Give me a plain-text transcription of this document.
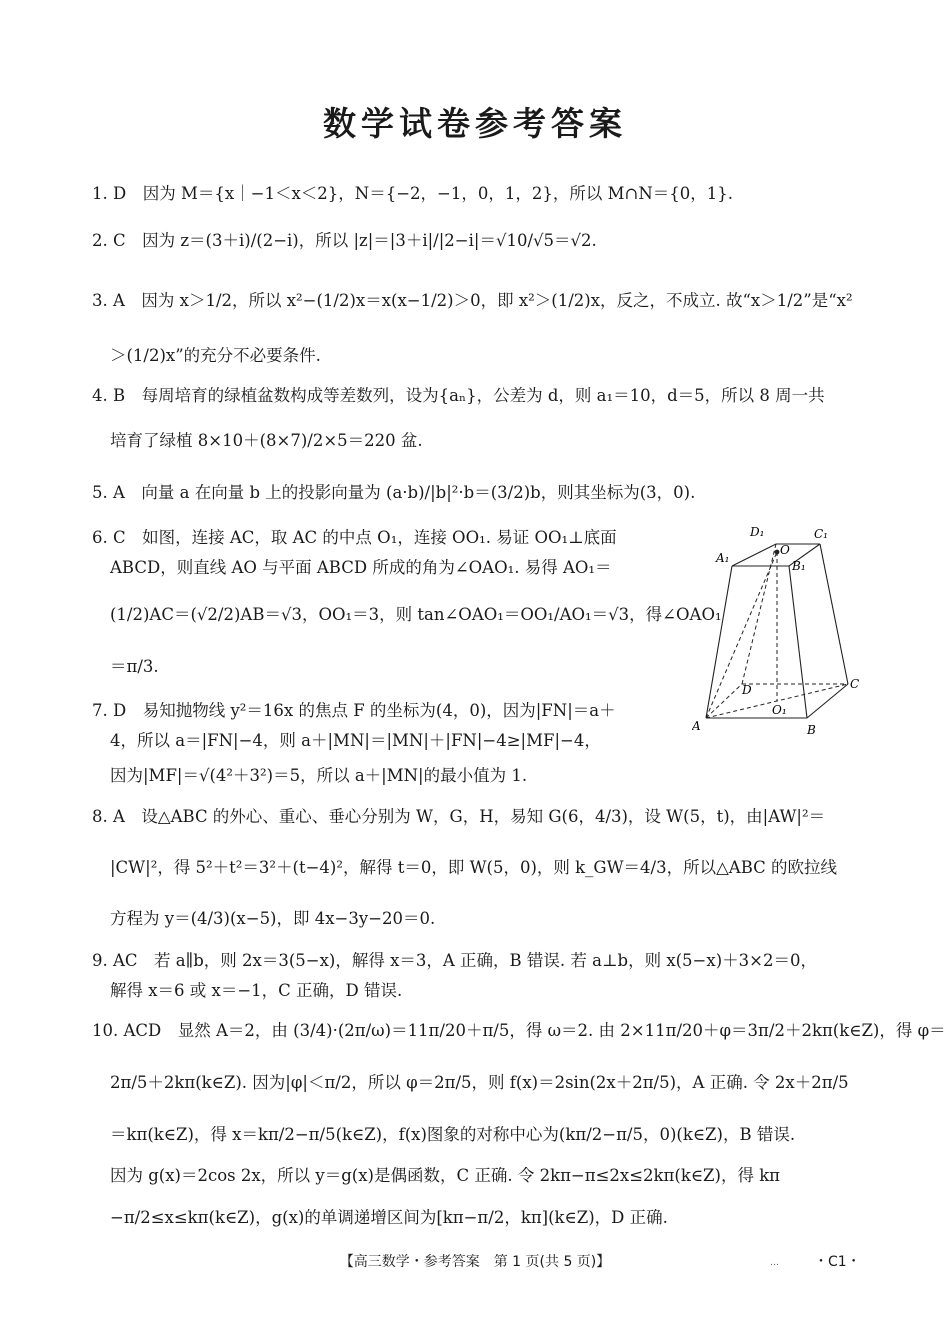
数学试卷参考答案
1. D　因为 M＝{x｜−1＜x＜2}，N＝{−2，−1，0，1，2}，所以 M∩N＝{0，1}.
2. C　因为 z＝(3＋i)/(2−i)，所以 |z|＝|3＋i|/|2−i|＝√10/√5＝√2.
3. A　因为 x＞1/2，所以 x²−(1/2)x＝x(x−1/2)＞0，即 x²＞(1/2)x，反之，不成立. 故“x＞1/2”是“x²
＞(1/2)x”的充分不必要条件.
4. B　每周培育的绿植盆数构成等差数列，设为{aₙ}，公差为 d，则 a₁＝10，d＝5，所以 8 周一共
培育了绿植 8×10＋(8×7)/2×5＝220 盆.
5. A　向量 a 在向量 b 上的投影向量为 (a·b)/|b|²·b＝(3/2)b，则其坐标为(3，0).
6. C　如图，连接 AC，取 AC 的中点 O₁，连接 OO₁. 易证 OO₁⊥底面
ABCD，则直线 AO 与平面 ABCD 所成的角为∠OAO₁. 易得 AO₁＝
(1/2)AC＝(√2/2)AB＝√3，OO₁＝3，则 tan∠OAO₁＝OO₁/AO₁＝√3，得∠OAO₁
＝π/3.
7. D　易知抛物线 y²＝16x 的焦点 F 的坐标为(4，0)，因为|FN|＝a＋
4，所以 a＝|FN|−4，则 a＋|MN|＝|MN|＋|FN|−4≥|MF|−4，
因为|MF|＝√(4²＋3²)＝5，所以 a＋|MN|的最小值为 1.
8. A　设△ABC 的外心、重心、垂心分别为 W，G，H，易知 G(6，4/3)，设 W(5，t)，由|AW|²＝
|CW|²，得 5²＋t²＝3²＋(t−4)²，解得 t＝0，即 W(5，0)，则 k_GW＝4/3，所以△ABC 的欧拉线
方程为 y＝(4/3)(x−5)，即 4x−3y−20＝0.
9. AC　若 a∥b，则 2x＝3(5−x)，解得 x＝3，A 正确，B 错误. 若 a⊥b，则 x(5−x)＋3×2＝0，
解得 x＝6 或 x＝−1，C 正确，D 错误.
10. ACD　显然 A＝2，由 (3/4)·(2π/ω)＝11π/20＋π/5，得 ω＝2. 由 2×11π/20＋φ＝3π/2＋2kπ(k∈Z)，得 φ＝
2π/5＋2kπ(k∈Z). 因为|φ|＜π/2，所以 φ＝2π/5，则 f(x)＝2sin(2x＋2π/5)，A 正确. 令 2x＋2π/5
＝kπ(k∈Z)，得 x＝kπ/2−π/5(k∈Z)，f(x)图象的对称中心为(kπ/2−π/5，0)(k∈Z)，B 错误.
因为 g(x)＝2cos 2x，所以 y＝g(x)是偶函数，C 正确. 令 2kπ−π≤2x≤2kπ(k∈Z)，得 kπ
−π/2≤x≤kπ(k∈Z)，g(x)的单调递增区间为[kπ−π/2，kπ](k∈Z)，D 正确.
D₁	C₁
A₁
O
B₁
D	C
O₁
A	B
【高三数学・参考答案　第 1 页(共 5 页)】	…	・C1・
